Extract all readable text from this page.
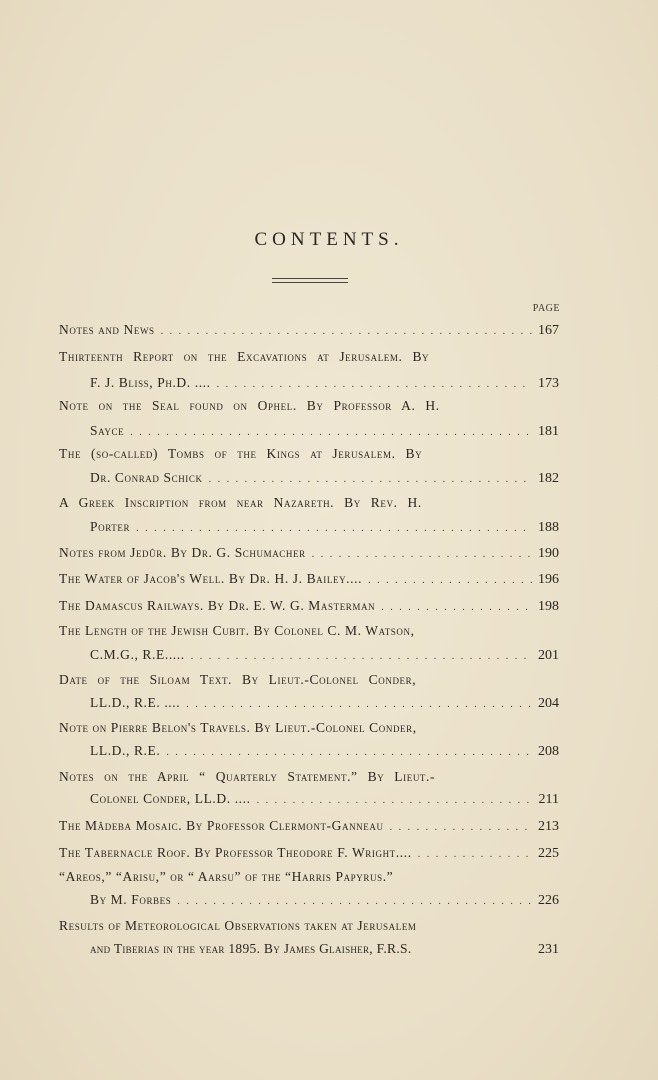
CONTENTS.
PAGE
Notes and News . . .	167
Thirteenth Report on the Excavations at Jerusalem. By
F. J. Bliss, Ph.D. .... . . .	173
Note on the Seal found on Ophel. By Professor A. H.
Sayce . . .	181
The (so-called) Tombs of the Kings at Jerusalem. By
Dr. Conrad Schick . . .	182
A Greek Inscription from near Nazareth. By Rev. H.
Porter . . .	188
Notes from Jedûr. By Dr. G. Schumacher . . .	190
The Water of Jacob's Well. By Dr. H. J. Bailey.... . . .	196
The Damascus Railways. By Dr. E. W. G. Masterman . . .	198
The Length of the Jewish Cubit. By Colonel C. M. Watson,
C.M.G., R.E..... . . .	201
Date of the Siloam Text. By Lieut.-Colonel Conder,
LL.D., R.E. .... . . .	204
Note on Pierre Belon's Travels. By Lieut.-Colonel Conder,
LL.D., R.E. . . .	208
Notes on the April “ Quarterly Statement.” By Lieut.-
Colonel Conder, LL.D. .... . . .	211
The Mâdeba Mosaic. By Professor Clermont-Ganneau . . .	213
The Tabernacle Roof. By Professor Theodore F. Wright.... . . .	225
“Areos,” “Arisu,” or “ Aarsu” of the “Harris Papyrus.”
By M. Forbes . . .	226
Results of Meteorological Observations taken at Jerusalem
and Tiberias in the year 1895. By James Glaisher, F.R.S.	231
